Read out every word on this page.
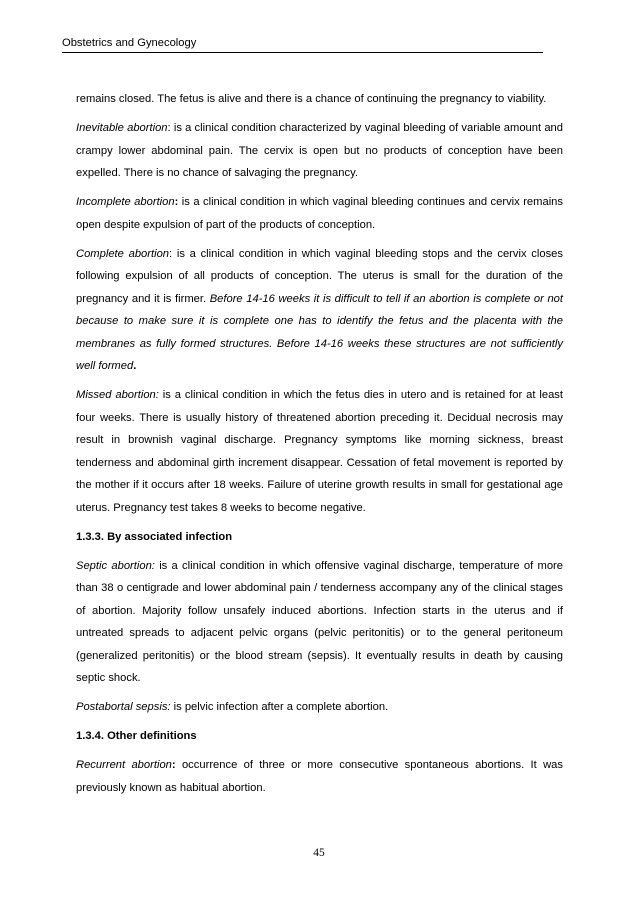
Obstetrics and Gynecology

remains closed. The fetus is alive and there is a chance of continuing the pregnancy to viability.

Inevitable abortion: is a clinical condition characterized by vaginal bleeding of variable amount and crampy lower abdominal pain. The cervix is open but no products of conception have been expelled. There is no chance of salvaging the pregnancy.

Incomplete abortion: is a clinical condition in which vaginal bleeding continues and cervix remains open despite expulsion of part of the products of conception.

Complete abortion: is a clinical condition in which vaginal bleeding stops and the cervix closes following expulsion of all products of conception. The uterus is small for the duration of the pregnancy and it is firmer. Before 14-16 weeks it is difficult to tell if an abortion is complete or not because to make sure it is complete one has to identify the fetus and the placenta with the membranes as fully formed structures. Before 14-16 weeks these structures are not sufficiently well formed.

Missed abortion: is a clinical condition in which the fetus dies in utero and is retained for at least four weeks. There is usually history of threatened abortion preceding it. Decidual necrosis may result in brownish vaginal discharge. Pregnancy symptoms like morning sickness, breast tenderness and abdominal girth increment disappear. Cessation of fetal movement is reported by the mother if it occurs after 18 weeks. Failure of uterine growth results in small for gestational age uterus. Pregnancy test takes 8 weeks to become negative.

1.3.3. By associated infection

Septic abortion: is a clinical condition in which offensive vaginal discharge, temperature of more than 38 o centigrade and lower abdominal pain / tenderness accompany any of the clinical stages of abortion. Majority follow unsafely induced abortions. Infection starts in the uterus and if untreated spreads to adjacent pelvic organs (pelvic peritonitis) or to the general peritoneum (generalized peritonitis) or the blood stream (sepsis). It eventually results in death by causing septic shock.

Postabortal sepsis: is pelvic infection after a complete abortion.

1.3.4. Other definitions

Recurrent abortion: occurrence of three or more consecutive spontaneous abortions. It was previously known as habitual abortion.

45
